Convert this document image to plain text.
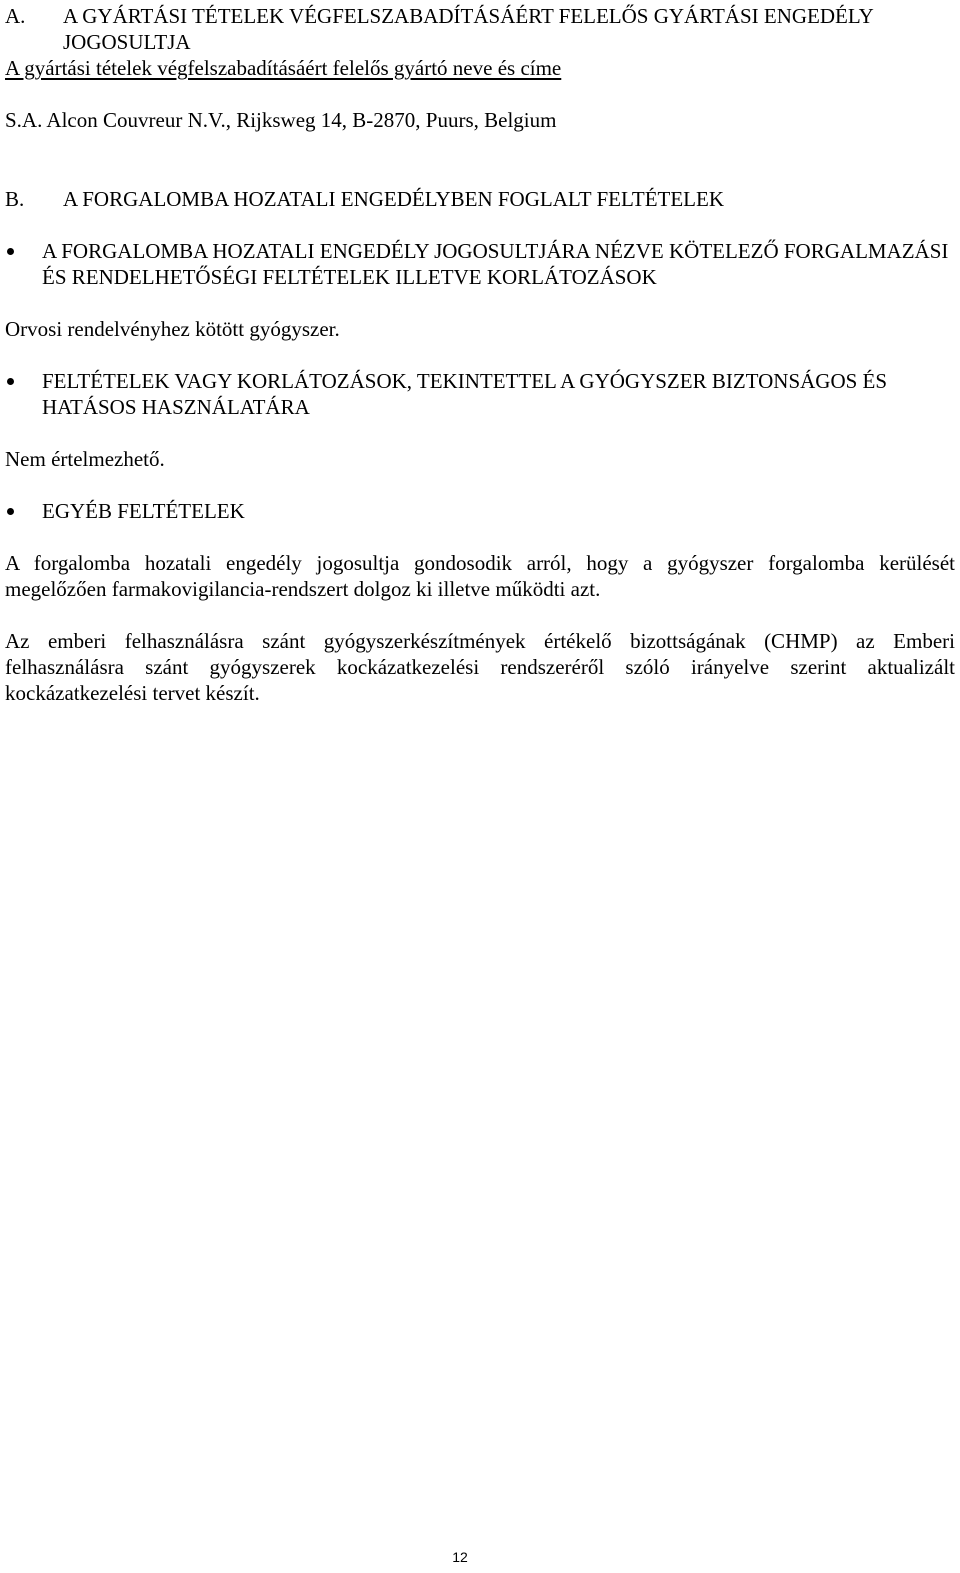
A.	A GYÁRTÁSI TÉTELEK VÉGFELSZABADÍTÁSÁÉRT FELELŐS GYÁRTÁSI ENGEDÉLY JOGOSULTJA

A gyártási tételek végfelszabadításáért felelős gyártó neve és címe

S.A. Alcon Couvreur N.V., Rijksweg 14, B-2870, Puurs, Belgium

B.	A FORGALOMBA HOZATALI ENGEDÉLYBEN FOGLALT FELTÉTELEK
A FORGALOMBA HOZATALI ENGEDÉLY JOGOSULTJÁRA NÉZVE KÖTELEZŐ FORGALMAZÁSI ÉS RENDELHETŐSÉGI FELTÉTELEK ILLETVE KORLÁTOZÁSOK

Orvosi rendelvényhez kötött gyógyszer.

FELTÉTELEK VAGY KORLÁTOZÁSOK, TEKINTETTEL A GYÓGYSZER BIZTONSÁGOS ÉS HATÁSOS HASZNÁLATÁRA

Nem értelmezhető.

EGYÉB FELTÉTELEK

A forgalomba hozatali engedély jogosultja gondosodik arról, hogy a gyógyszer forgalomba kerülését megelőzően farmakovigilancia-rendszert dolgoz ki illetve működti azt.

Az emberi felhasználásra szánt gyógyszerkészítmények értékelő bizottságának (CHMP) az Emberi felhasználásra szánt gyógyszerek kockázatkezelési rendszeréről szóló irányelve szerint aktualizált kockázatkezelési tervet készít.

12
